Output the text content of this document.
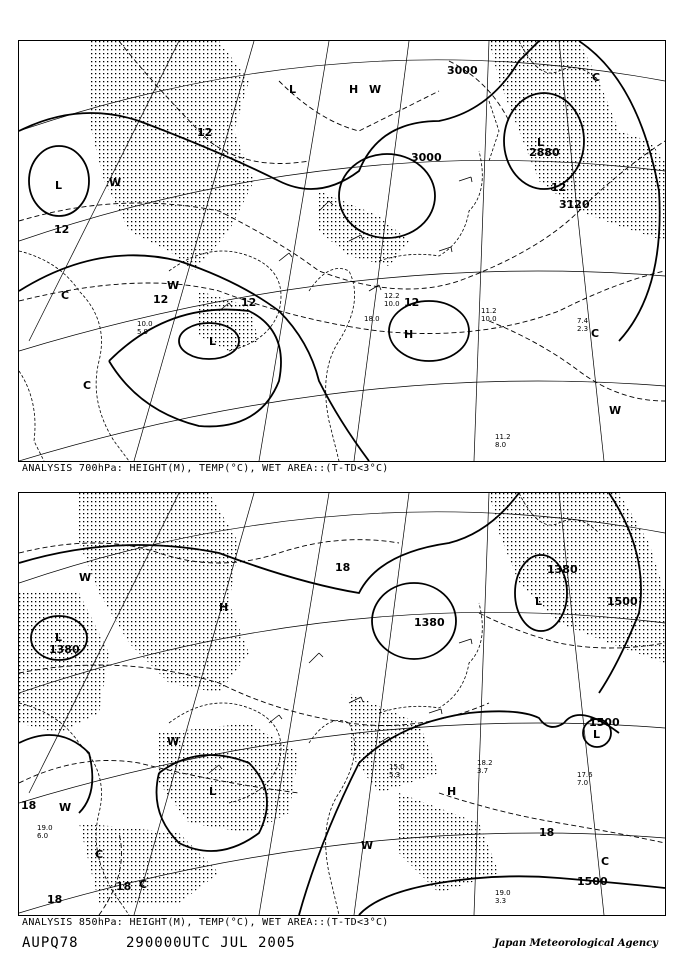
3000
3000	2880
3120
12
12
12	12
12
12
L
L
L
L
H
H
W
W
W
W
C
C
C
C
11.2
10.0	7.4
2.3
11.2
8.0
10.0
5.9
18.0
12.2
10.0
ANALYSIS 700hPa: HEIGHT(M), TEMP(°C), WET AREA::(T-TD<3°C)
1380
1380
1380
1500
1500
1500
18
18
18
18
18
L
L
L
L
H
H
W
W
W
W
C
C
C
17.6
7.0
19.0
3.3
18.2
3.7
19.0
6.0
15.0
5.3
ANALYSIS 850hPa: HEIGHT(M), TEMP(°C), WET AREA::(T-TD<3°C)
AUPQ78	290000UTC JUL 2005	Japan Meteorological Agency
